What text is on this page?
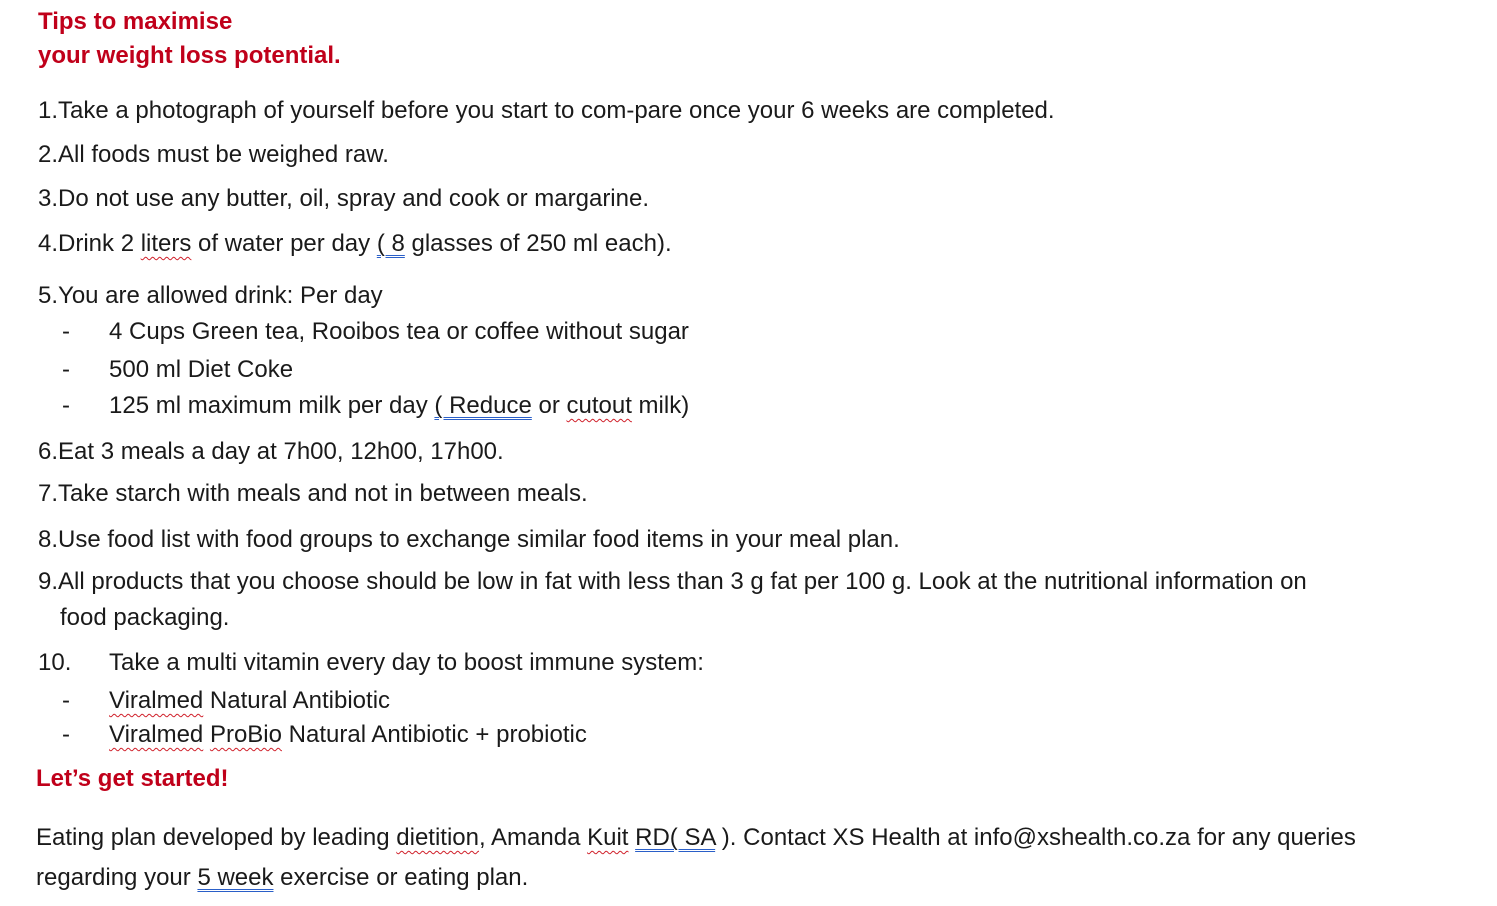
Tips to maximise
your weight loss potential.
1.Take a photograph of yourself before you start to com-pare once your 6 weeks are completed.
2.All foods must be weighed raw.
3.Do not use any butter, oil, spray and cook or margarine.
4.Drink 2 liters of water per day ( 8 glasses of 250 ml each).
5.You are allowed drink: Per day
- 4 Cups Green tea, Rooibos tea or coffee without sugar
- 500 ml Diet Coke
- 125 ml maximum milk per day ( Reduce or cutout milk)
6.Eat 3 meals a day at 7h00, 12h00, 17h00.
7.Take starch with meals and not in between meals.
8.Use food list with food groups to exchange similar food items in your meal plan.
9.All products that you choose should be low in fat with less than 3 g fat per 100 g. Look at the nutritional information on
food packaging.
10. Take a multi vitamin every day to boost immune system:
- Viralmed Natural Antibiotic
- Viralmed ProBio Natural Antibiotic + probiotic
Let’s get started!
Eating plan developed by leading dietition, Amanda Kuit RD( SA ). Contact XS Health at info@xshealth.co.za for any queries
regarding your 5 week exercise or eating plan.
